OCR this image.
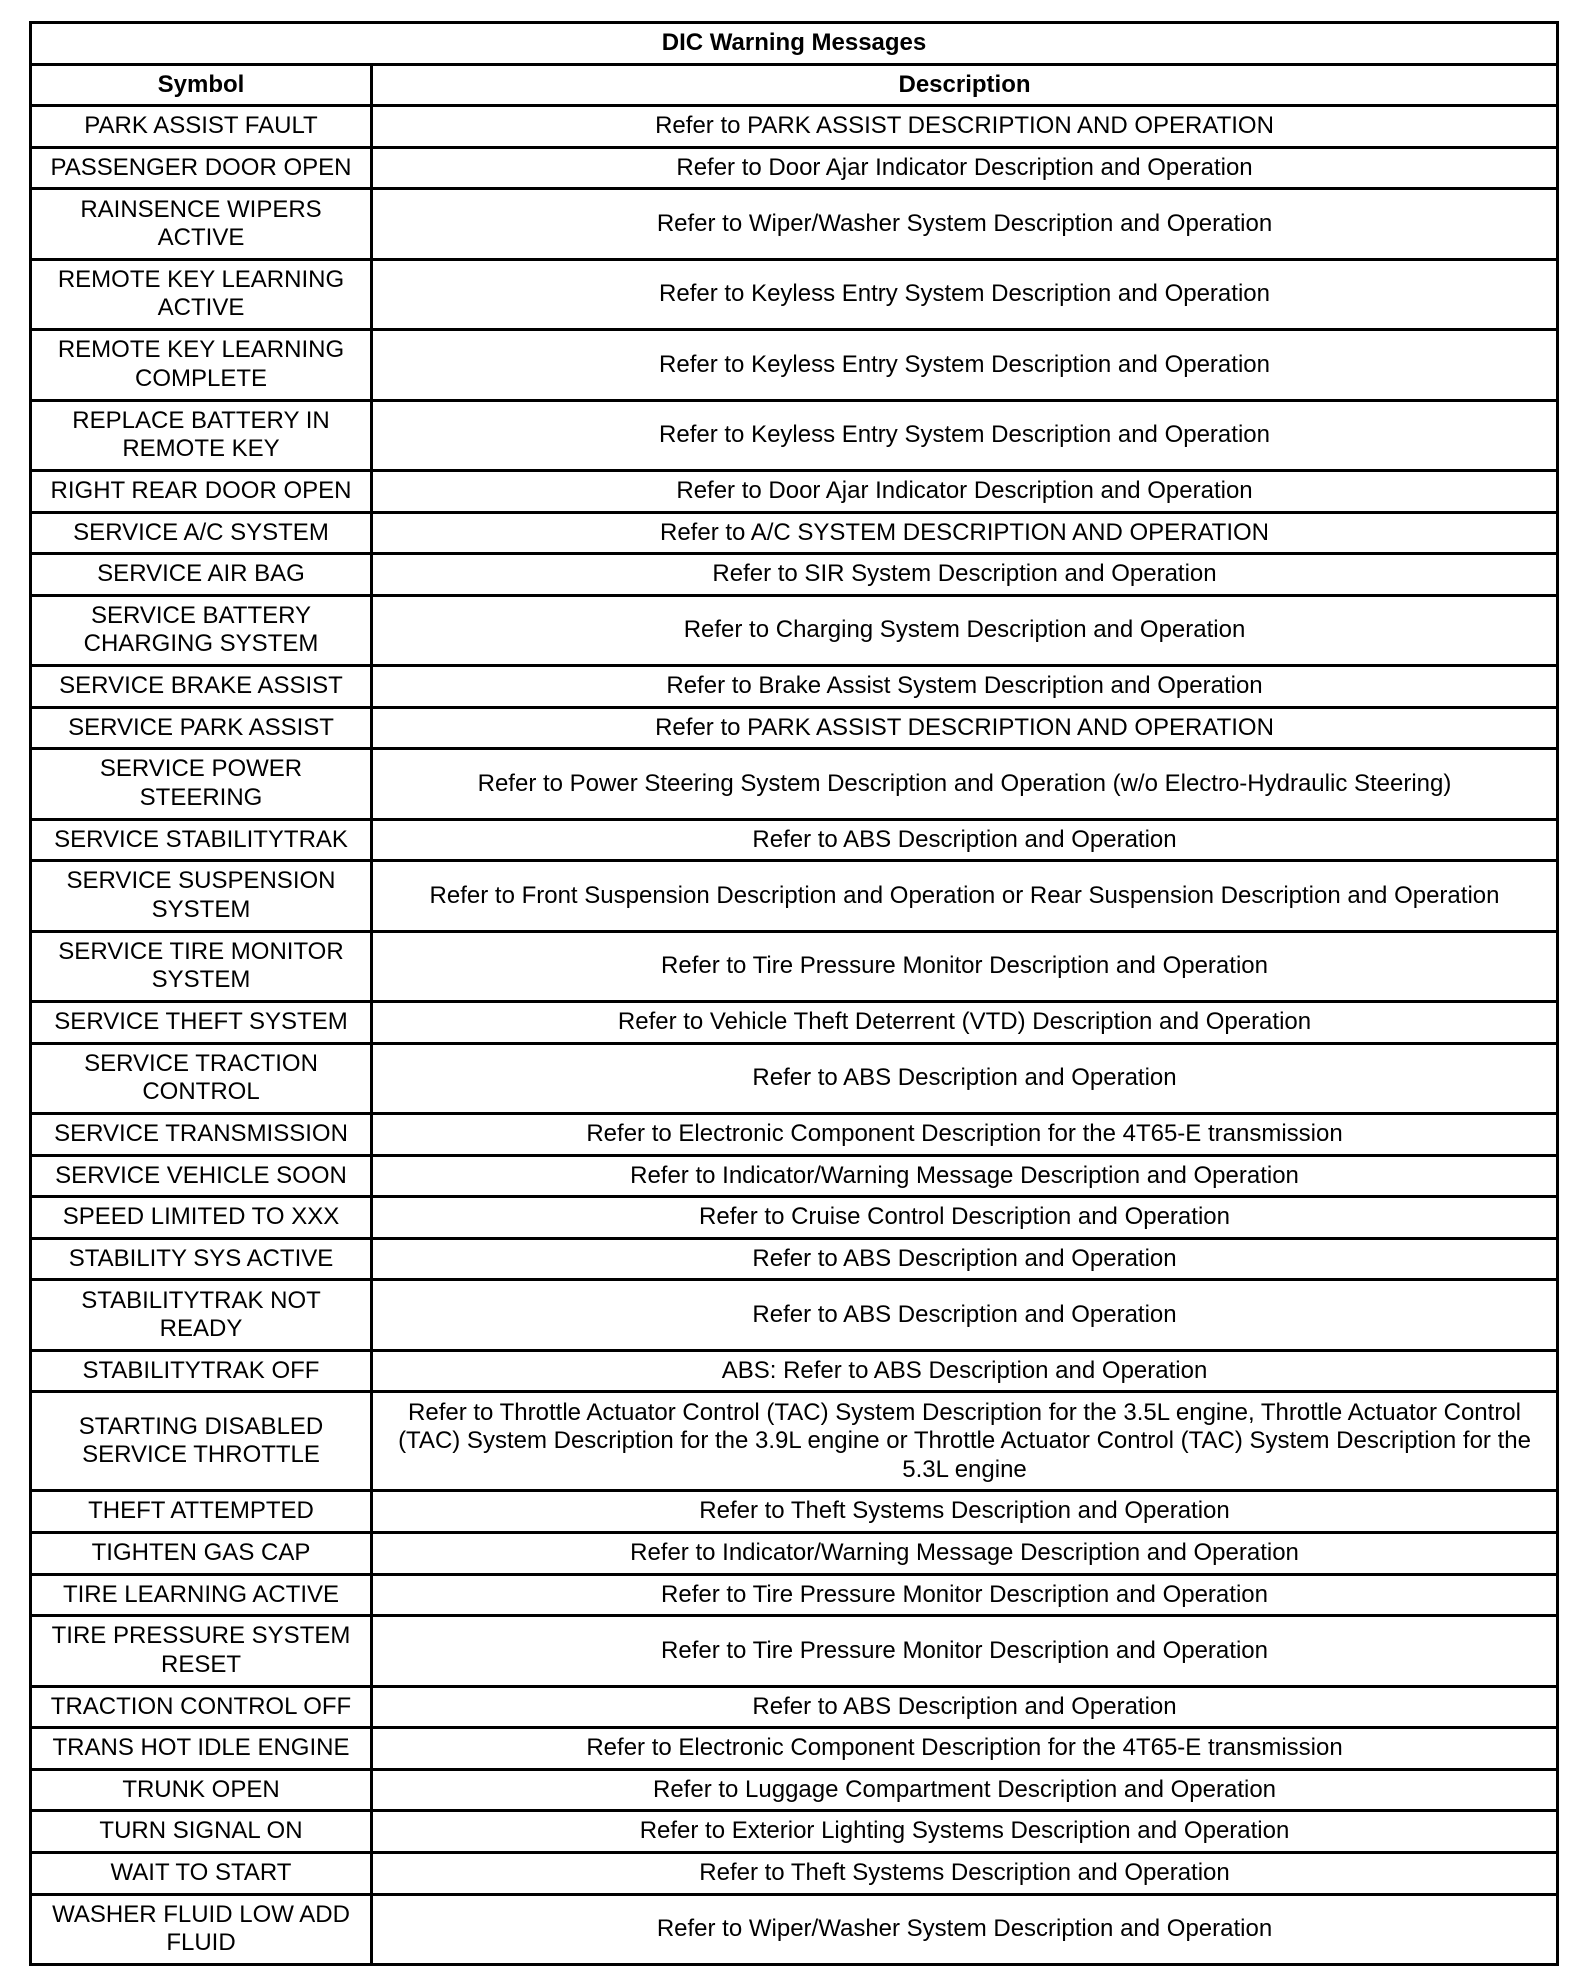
DIC Warning Messages	
Symbol	Description
PARK ASSIST FAULT	Refer to PARK ASSIST DESCRIPTION AND OPERATION
PASSENGER DOOR OPEN	Refer to Door Ajar Indicator Description and Operation
RAINSENCE WIPERS ACTIVE	Refer to Wiper/Washer System Description and Operation
REMOTE KEY LEARNING ACTIVE	Refer to Keyless Entry System Description and Operation
REMOTE KEY LEARNING COMPLETE	Refer to Keyless Entry System Description and Operation
REPLACE BATTERY IN REMOTE KEY	Refer to Keyless Entry System Description and Operation
RIGHT REAR DOOR OPEN	Refer to Door Ajar Indicator Description and Operation
SERVICE A/C SYSTEM	Refer to A/C SYSTEM DESCRIPTION AND OPERATION
SERVICE AIR BAG	Refer to SIR System Description and Operation
SERVICE BATTERY CHARGING SYSTEM	Refer to Charging System Description and Operation
SERVICE BRAKE ASSIST	Refer to Brake Assist System Description and Operation
SERVICE PARK ASSIST	Refer to PARK ASSIST DESCRIPTION AND OPERATION
SERVICE POWER STEERING	Refer to Power Steering System Description and Operation (w/o Electro-Hydraulic Steering)
SERVICE STABILITYTRAK	Refer to ABS Description and Operation
SERVICE SUSPENSION SYSTEM	Refer to Front Suspension Description and Operation or Rear Suspension Description and Operation
SERVICE TIRE MONITOR SYSTEM	Refer to Tire Pressure Monitor Description and Operation
SERVICE THEFT SYSTEM	Refer to Vehicle Theft Deterrent (VTD) Description and Operation
SERVICE TRACTION CONTROL	Refer to ABS Description and Operation
SERVICE TRANSMISSION	Refer to Electronic Component Description for the 4T65-E transmission
SERVICE VEHICLE SOON	Refer to Indicator/Warning Message Description and Operation
SPEED LIMITED TO XXX	Refer to Cruise Control Description and Operation
STABILITY SYS ACTIVE	Refer to ABS Description and Operation
STABILITYTRAK NOT READY	Refer to ABS Description and Operation
STABILITYTRAK OFF	ABS: Refer to ABS Description and Operation
STARTING DISABLED SERVICE THROTTLE	Refer to Throttle Actuator Control (TAC) System Description for the 3.5L engine, Throttle Actuator Control (TAC) System Description for the 3.9L engine or Throttle Actuator Control (TAC) System Description for the 5.3L engine
THEFT ATTEMPTED	Refer to Theft Systems Description and Operation
TIGHTEN GAS CAP	Refer to Indicator/Warning Message Description and Operation
TIRE LEARNING ACTIVE	Refer to Tire Pressure Monitor Description and Operation
TIRE PRESSURE SYSTEM RESET	Refer to Tire Pressure Monitor Description and Operation
TRACTION CONTROL OFF	Refer to ABS Description and Operation
TRANS HOT IDLE ENGINE	Refer to Electronic Component Description for the 4T65-E transmission
TRUNK OPEN	Refer to Luggage Compartment Description and Operation
TURN SIGNAL ON	Refer to Exterior Lighting Systems Description and Operation
WAIT TO START	Refer to Theft Systems Description and Operation
WASHER FLUID LOW ADD FLUID	Refer to Wiper/Washer System Description and Operation
